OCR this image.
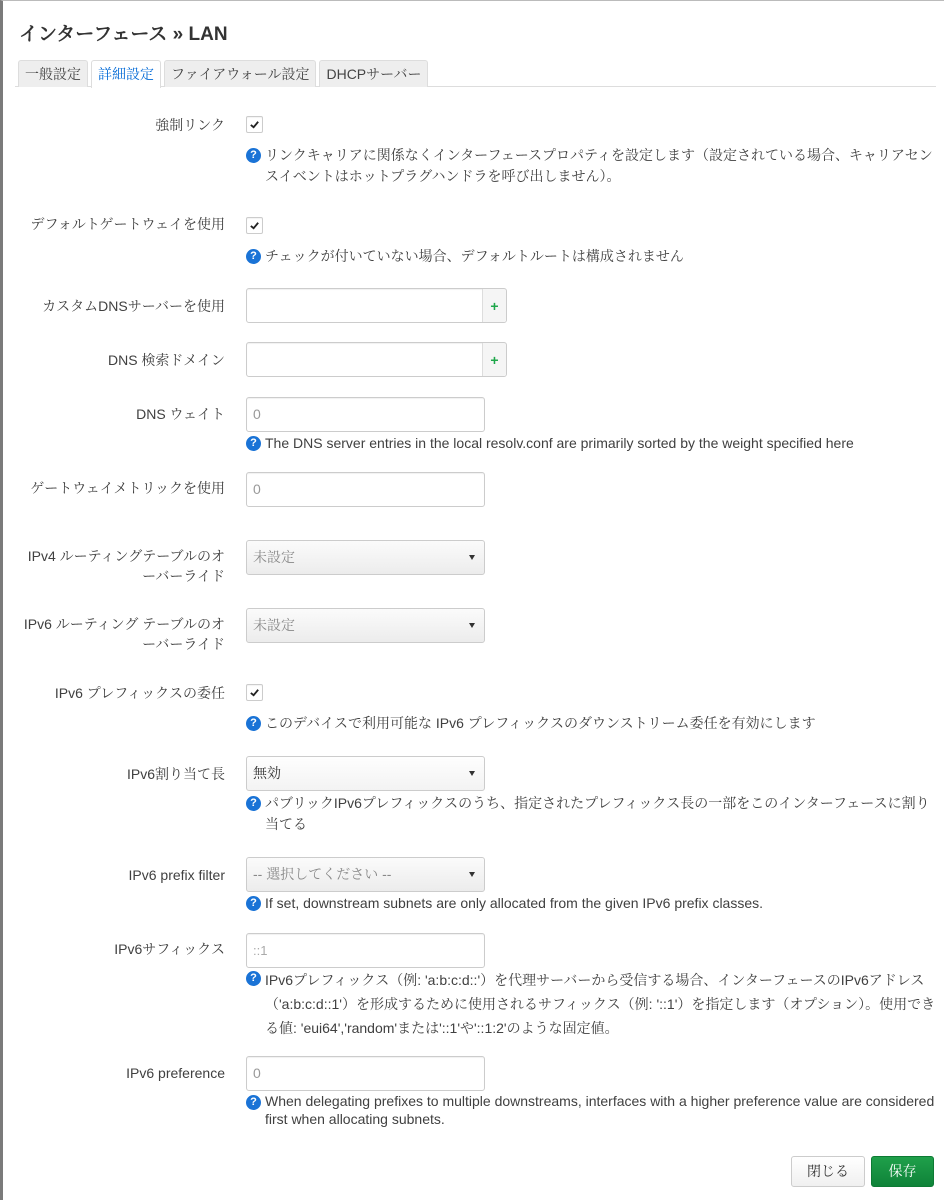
インターフェース » LAN
一般設定	詳細設定	ファイアウォール設定	DHCPサーバー
強制リンク
? リンクキャリアに関係なくインターフェースプロパティを設定します（設定されている場合、キャリアセンスイベントはホットプラグハンドラを呼び出しません）。
デフォルトゲートウェイを使用
? チェックが付いていない場合、デフォルトルートは構成されません
カスタムDNSサーバーを使用	+
DNS 検索ドメイン	+
DNS ウェイト	0
? The DNS server entries in the local resolv.conf are primarily sorted by the weight specified here
ゲートウェイメトリックを使用	0
IPv4 ルーティングテーブルのオーバーライド
未設定
IPv6 ルーティング テーブルのオーバーライド
未設定
IPv6 プレフィックスの委任
? このデバイスで利用可能な IPv6 プレフィックスのダウンストリーム委任を有効にします
IPv6割り当て長	無効
? パブリックIPv6プレフィックスのうち、指定されたプレフィックス長の一部をこのインターフェースに割り当てる
IPv6 prefix filter	-- 選択してください --
? If set, downstream subnets are only allocated from the given IPv6 prefix classes.
IPv6サフィックス	::1
? IPv6プレフィックス（例: 'a:b:c:d::'）を代理サーバーから受信する場合、インターフェースのIPv6アドレス（'a:b:c:d::1'）を形成するために使用されるサフィックス（例: '::1'）を指定します（オプション）。使用できる値: 'eui64','random'または'::1'や'::1:2'のような固定値。
IPv6 preference	0
? When delegating prefixes to multiple downstreams, interfaces with a higher preference value are considered first when allocating subnets.
閉じる	保存
